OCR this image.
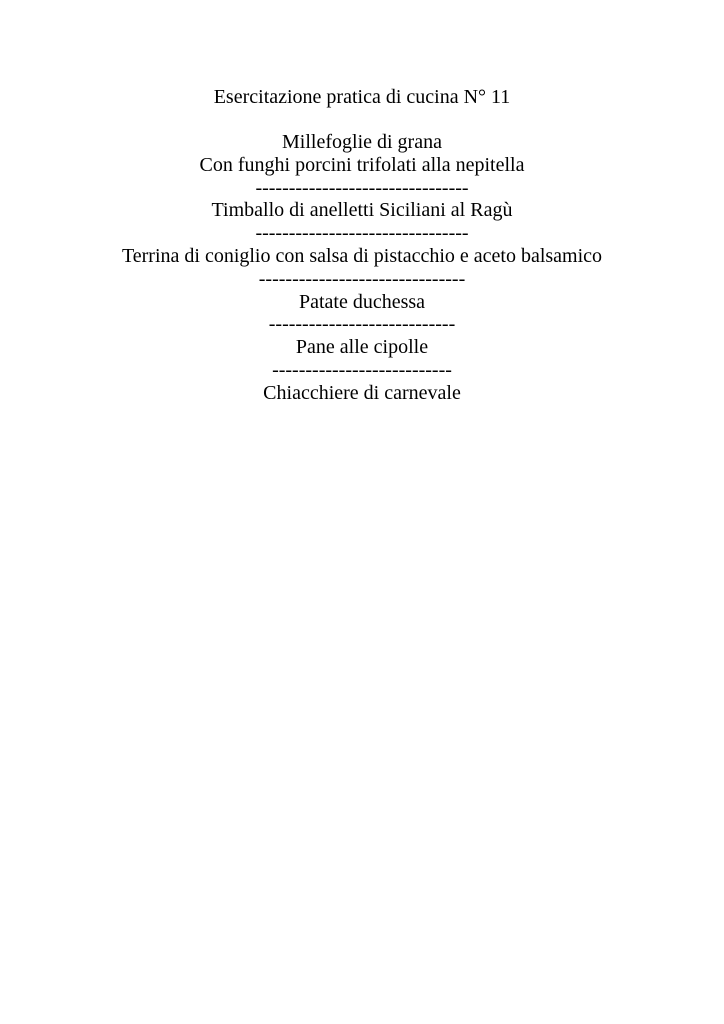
Esercitazione pratica di cucina N° 11
Millefoglie di grana
Con funghi porcini trifolati alla nepitella
--------------------------------
Timballo di anelletti Siciliani al Ragù
--------------------------------
Terrina di coniglio con salsa di pistacchio e aceto balsamico
-------------------------------
Patate duchessa
----------------------------
Pane alle cipolle
---------------------------
Chiacchiere di carnevale
